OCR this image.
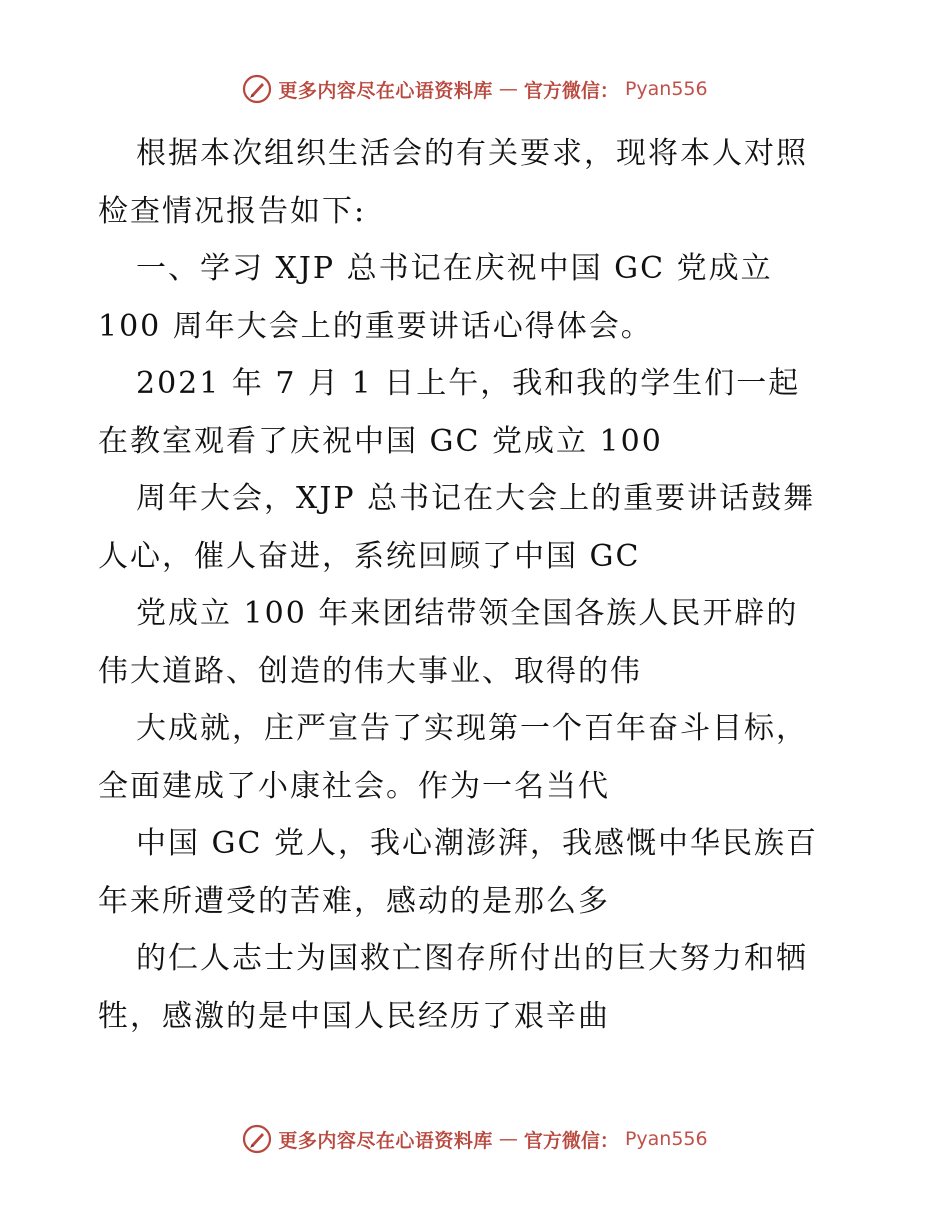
更多内容尽在心语资料库 — 官方微信： Pyan556
根据本次组织生活会的有关要求，现将本人对照
检查情况报告如下:
一、学习 XJP 总书记在庆祝中国 GC 党成立
100 周年大会上的重要讲话心得体会。
2021 年 7 月 1 日上午，我和我的学生们一起
在教室观看了庆祝中国 GC 党成立 100
周年大会，XJP 总书记在大会上的重要讲话鼓舞
人心，催人奋进，系统回顾了中国 GC
党成立 100 年来团结带领全国各族人民开辟的
伟大道路、创造的伟大事业、取得的伟
大成就，庄严宣告了实现第一个百年奋斗目标，
全面建成了小康社会。作为一名当代
中国 GC 党人，我心潮澎湃，我感慨中华民族百
年来所遭受的苦难，感动的是那么多
的仁人志士为国救亡图存所付出的巨大努力和牺
牲，感激的是中国人民经历了艰辛曲
更多内容尽在心语资料库 — 官方微信： Pyan556
